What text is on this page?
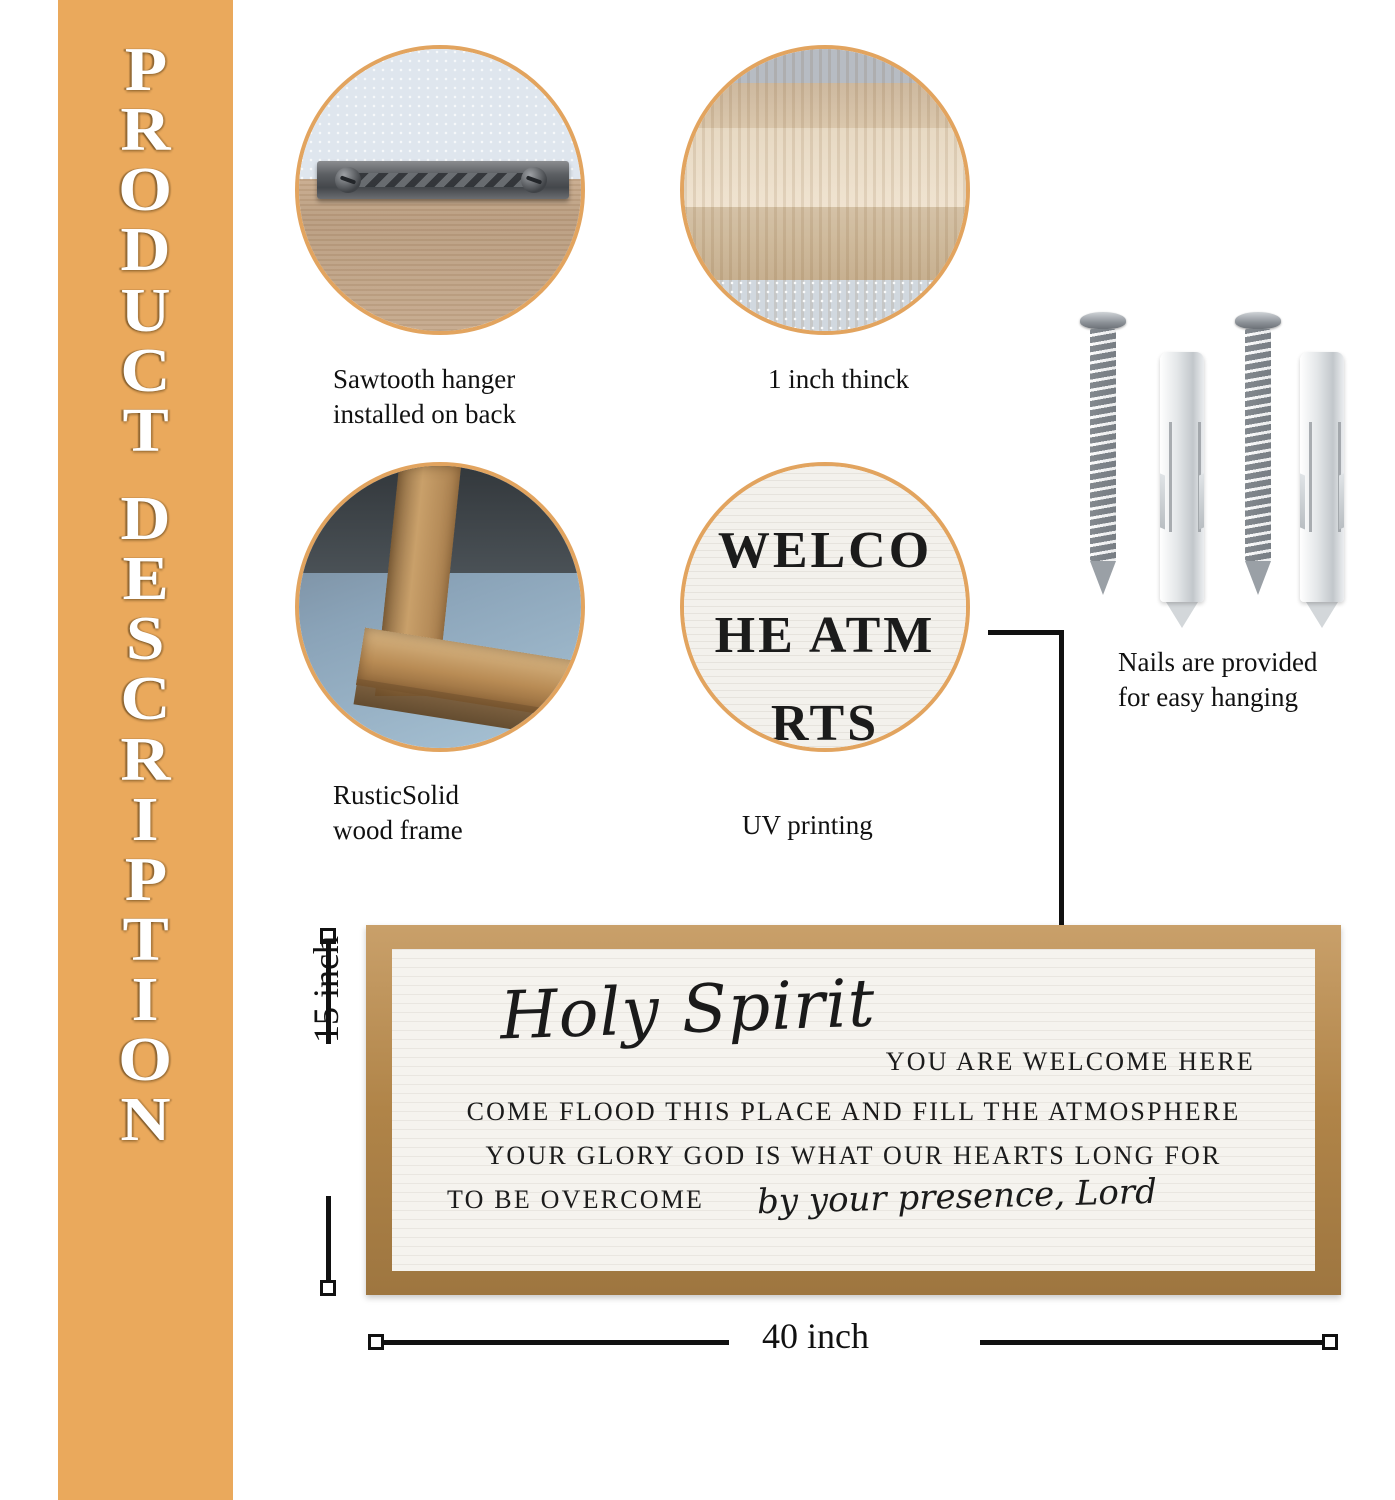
P
R
O
D
U
C
T
D
E
S
C
R
I
P
T
I
O
N
Sawtooth hanger
installed on back
1 inch thinck
RusticSolid
wood frame
WELCO
HE ATM
RTS
UV printing
Nails are provided
for easy hanging
Holy Spirit
YOU ARE WELCOME HERE
COME FLOOD THIS PLACE AND FILL THE ATMOSPHERE
YOUR GLORY GOD IS WHAT OUR HEARTS LONG FOR
TO BE OVERCOME	by your presence, Lord
15 inch
40 inch
